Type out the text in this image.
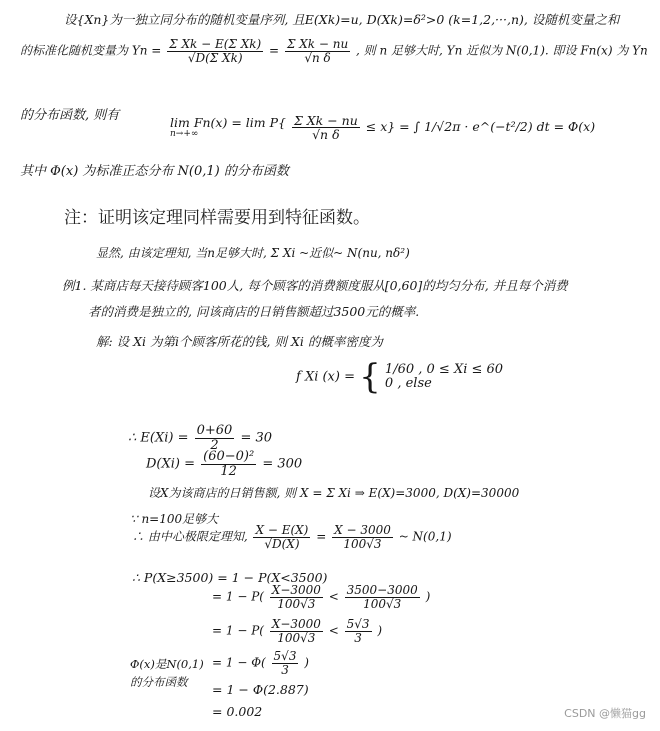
设{Xn}为一独立同分布的随机变量序列, 且E(Xk)=u, D(Xk)=δ²>0 (k=1,2,···,n), 设随机变量之和
的标准化随机变量为 $Yn = \frac{\text{Σ Xk − E(Σ Xk)}}{\text{√D(Σ Xk)}} = \frac{\text{Σ Xk − nu}}{\text{√n δ}}$ , 则 n 足够大时, Yn 近似为 N(0,1). 即设 Fn(x) 为 Yn
的分布函数, 则有	lim Fn(x) = lim P{
n→+∞
	$\frac{\text{Σ Xk − nu}}{\text{√n δ}} \le x$} = ∫ 1/√2π · e^(−t²/2) dt = Φ(x)
其中 Φ(x) 为标准正态分布 N(0,1) 的分布函数
注：证明该定理同样需要用到特征函数。
显然, 由该定理知, 当n足够大时, Σ Xi ~近似~ N(nu, nδ²)
例1. 某商店每天接待顾客100人, 每个顾客的消费额度服从[0,60]的均匀分布, 并且每个消费
者的消费是独立的, 问该商店的日销售额超过3500元的概率.
解: 设 Xi 为第i个顾客所花的钱, 则 Xi 的概率密度为
f Xi (x) = { 1/60 , 0 ≤ Xi ≤ 60
0 , else
∴ $E(Xi) = \frac{0+60}{2} = 30$
$D(Xi) = \frac{\text{(60−0)²}}{12} = 300$
设X为该商店的日销售额, 则 X = Σ Xi ⇒ E(X)=3000, D(X)=30000
∵ n=100足够大
∴ 由中心极限定理知, $\frac{X - E(X)}{√D(X)} = \frac{X - 3000}{100√3}$ ~ N(0,1)
∴ P(X≥3500) = 1 − P(X<3500)
= $1 - P( \frac{X-3000}{100√3} < \frac{3500-3000}{100√3}$ )
= $1 - P( \frac{X-3000}{100√3} < \frac{5√3}{3}$ )
Φ(x)是N(0,1)
的分布函数
= $1 - \Phi( \frac{5√3}{3}$ )
= 1 − Φ(2.887)
= 0.002	CSDN @懒猫gg
